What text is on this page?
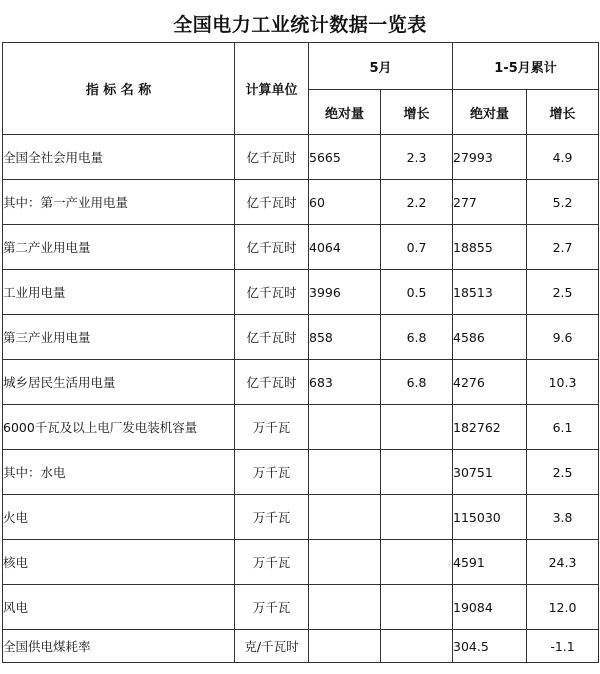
全国电力工业统计数据一览表
指 标 名 称	计算单位	5月		1-5月累计	
		绝对量	增长	绝对量	增长
全国全社会用电量	亿千瓦时	5665	2.3	27993	4.9
其中：第一产业用电量	亿千瓦时	60	2.2	277	5.2
第二产业用电量	亿千瓦时	4064	0.7	18855	2.7
工业用电量	亿千瓦时	3996	0.5	18513	2.5
第三产业用电量	亿千瓦时	858	6.8	4586	9.6
城乡居民生活用电量	亿千瓦时	683	6.8	4276	10.3
6000千瓦及以上电厂发电装机容量	万千瓦			182762	6.1
其中：水电	万千瓦			30751	2.5
火电	万千瓦			115030	3.8
核电	万千瓦			4591	24.3
风电	万千瓦			19084	12.0
全国供电煤耗率	克/千瓦时			304.5	-1.1
